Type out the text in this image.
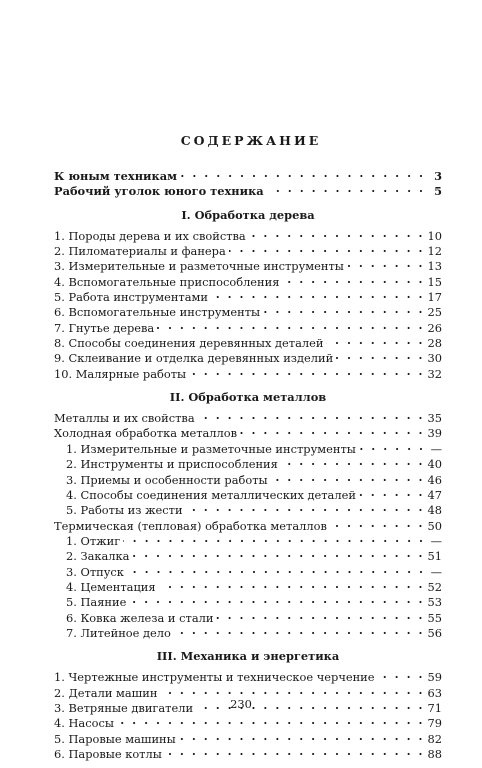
СОДЕРЖАНИЕ
К юным техникам . . .	3
Рабочий уголок юного техника . . .	5
I. Обработка дерева
1. Породы дерева и их свойства . . .	10
2. Пиломатериалы и фанера . . .	12
3. Измерительные и разметочные инструменты . . .	13
4. Вспомогательные приспособления . . .	15
5. Работа инструментами . . .	17
6. Вспомогательные инструменты . . .	25
7. Гнутье дерева . . .	26
8. Способы соединения деревянных деталей . . .	28
9. Склеивание и отделка деревянных изделий . . .	30
10. Малярные работы . . .	32
II. Обработка металлов
Металлы и их свойства . . .	35
Холодная обработка металлов . . .	39
1. Измерительные и разметочные инструменты . . .	—
2. Инструменты и приспособления . . .	40
3. Приемы и особенности работы . . .	46
4. Способы соединения металлических деталей . . .	47
5. Работы из жести . . .	48
Термическая (тепловая) обработка металлов . . .	50
1. Отжиг . . .	—
2. Закалка . . .	51
3. Отпуск . . .	—
4. Цементация . . .	52
5. Паяние . . .	53
6. Ковка железа и стали . . .	55
7. Литейное дело . . .	56
III. Механика и энергетика
1. Чертежные инструменты и техническое черчение . . .	59
2. Детали машин . . .	63
3. Ветряные двигатели . . .	71
4. Насосы . . .	79
5. Паровые машины . . .	82
6. Паровые котлы . . .	88
230
